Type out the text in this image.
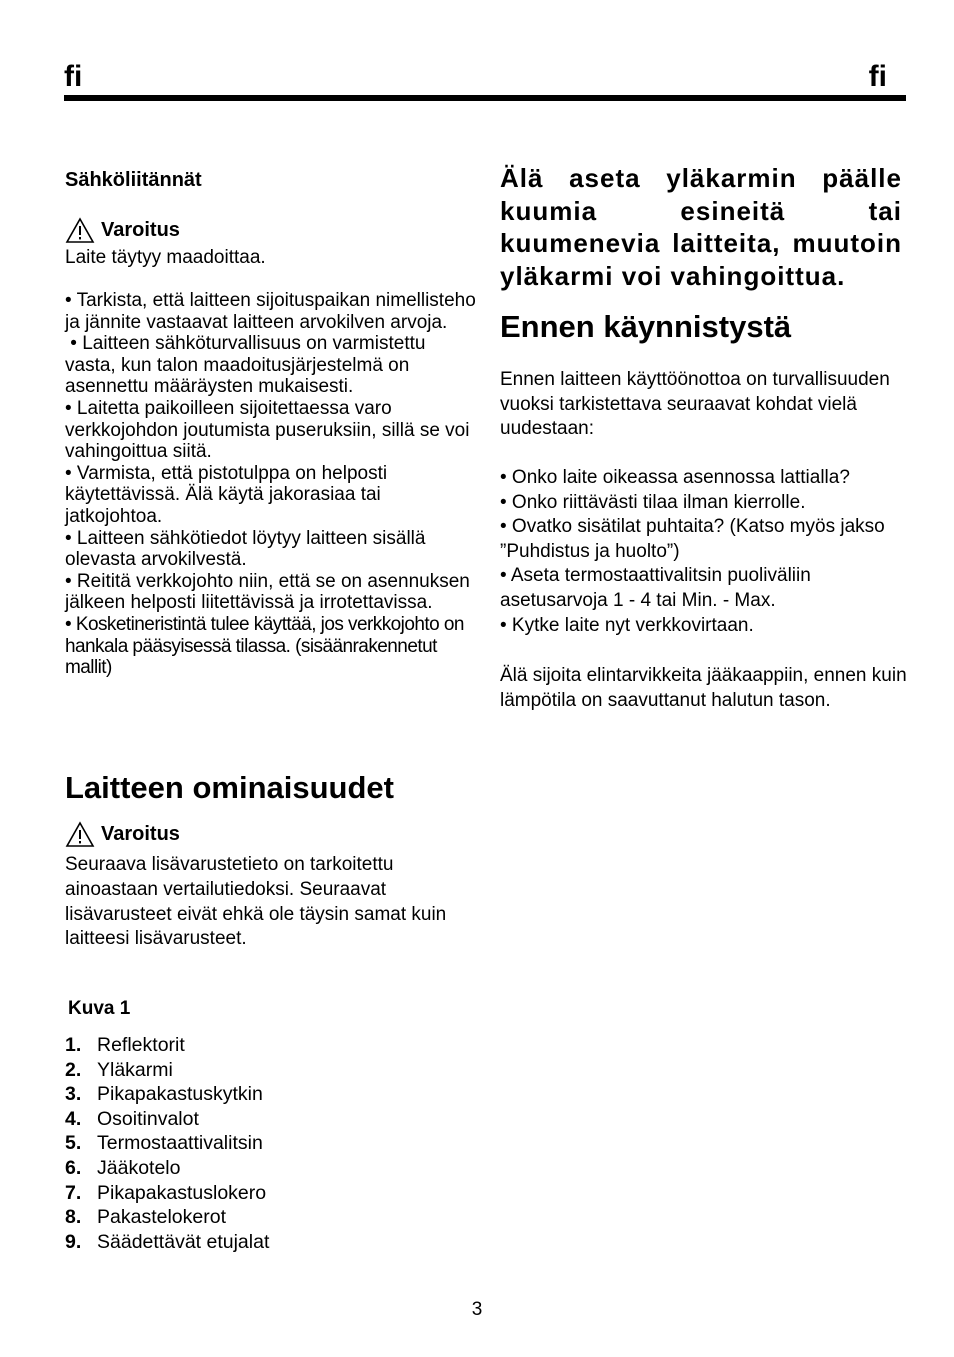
fi	fi
Sähköliitännät
Varoitus
Laite täytyy maadoittaa.

• Tarkista, että laitteen sijoituspaikan nimellisteho ja jännite vastaavat laitteen arvokilven arvoja.

• Laitteen sähköturvallisuus on varmistettu vasta, kun talon maadoitusjärjestelmä on asennettu määräysten mukaisesti.

• Laitetta paikoilleen sijoitettaessa varo verkkojohdon joutumista puseruksiin, sillä se voi vahingoittua siitä.

• Varmista, että pistotulppa on helposti käytettävissä. Älä käytä jakorasiaa tai jatkojohtoa.

• Laitteen sähkötiedot löytyy laitteen sisällä olevasta arvokilvestä.

• Reititä verkkojohto niin, että se on asennuksen jälkeen helposti liitettävissä ja irrotettavissa.

• Kosketineristintä tulee käyttää, jos verkkojohto on hankala pääsyisessä tilassa. (sisäänrakennetut mallit)

Laitteen ominaisuudet
Varoitus
Seuraava lisävarustetieto on tarkoitettu ainoastaan vertailutiedoksi. Seuraavat lisävarusteet eivät ehkä ole täysin samat kuin laitteesi lisävarusteet.
Kuva 1
1. Reflektorit
2. Yläkarmi
3. Pikapakastuskytkin
4. Osoitinvalot
5. Termostaattivalitsin
6. Jääkotelo
7. Pikapakastuslokero
8. Pakastelokerot
9. Säädettävät etujalat
Älä aseta yläkarmin päälle kuumia esineitä tai kuumenevia laitteita, muutoin yläkarmi voi vahingoittua.
Ennen käynnistystä
Ennen laitteen käyttöönottoa on turvallisuuden vuoksi tarkistettava seuraavat kohdat vielä uudestaan:

• Onko laite oikeassa asennossa lattialla?

• Onko riittävästi tilaa ilman kierrolle.

• Ovatko sisätilat puhtaita? (Katso myös jakso ”Puhdistus ja huolto”)

• Aseta termostaattivalitsin puoliväliin asetusarvoja 1 - 4 tai Min. - Max.

• Kytke laite nyt verkkovirtaan.

Älä sijoita elintarvikkeita jääkaappiin, ennen kuin lämpötila on saavuttanut halutun tason.
3
